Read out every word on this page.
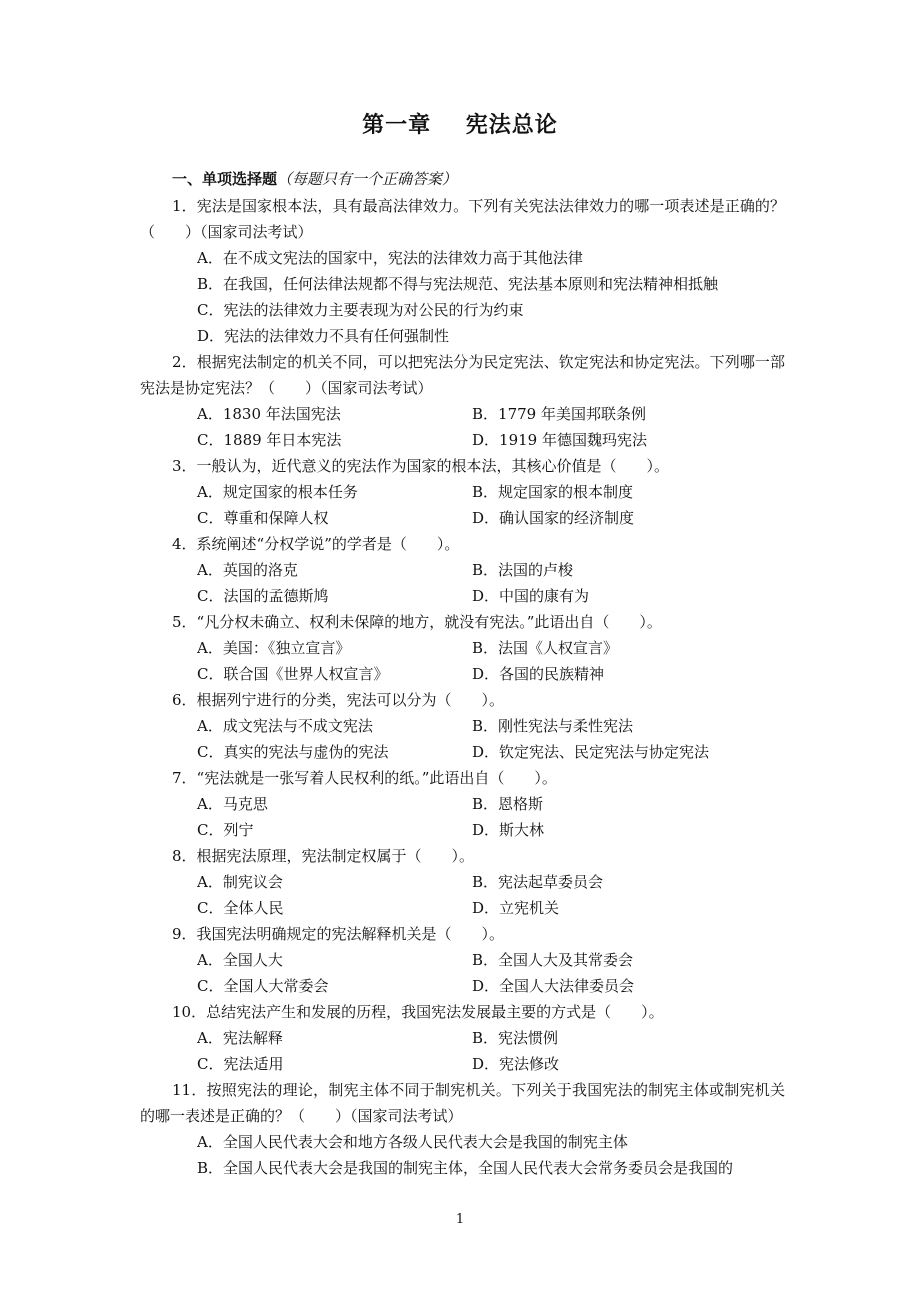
第一章    宪法总论
一、单项选择题（每题只有一个正确答案）

1．宪法是国家根本法，具有最高法律效力。下列有关宪法法律效力的哪一项表述是正确的？（　　）（国家司法考试）

A．在不成文宪法的国家中，宪法的法律效力高于其他法律
B．在我国，任何法律法规都不得与宪法规范、宪法基本原则和宪法精神相抵触
C．宪法的法律效力主要表现为对公民的行为约束
D．宪法的法律效力不具有任何强制性

2．根据宪法制定的机关不同，可以把宪法分为民定宪法、钦定宪法和协定宪法。下列哪一部宪法是协定宪法？（　　）（国家司法考试）

A．1830 年法国宪法	B．1779 年美国邦联条例
C．1889 年日本宪法	D．1919 年德国魏玛宪法

3．一般认为，近代意义的宪法作为国家的根本法，其核心价值是（　　）。

A．规定国家的根本任务	B．规定国家的根本制度
C．尊重和保障人权	D．确认国家的经济制度

4．系统阐述“分权学说”的学者是（　　）。

A．英国的洛克	B．法国的卢梭
C．法国的孟德斯鸠	D．中国的康有为

5．“凡分权未确立、权利未保障的地方，就没有宪法。”此语出自（　　）。

A．美国：《独立宣言》	B．法国《人权宣言》
C．联合国《世界人权宣言》	D．各国的民族精神

6．根据列宁进行的分类，宪法可以分为（　　）。

A．成文宪法与不成文宪法	B．刚性宪法与柔性宪法
C．真实的宪法与虚伪的宪法	D．钦定宪法、民定宪法与协定宪法

7．“宪法就是一张写着人民权利的纸。”此语出自（　　）。

A．马克思	B．恩格斯
C．列宁	D．斯大林

8．根据宪法原理，宪法制定权属于（　　）。

A．制宪议会	B．宪法起草委员会
C．全体人民	D．立宪机关

9．我国宪法明确规定的宪法解释机关是（　　）。

A．全国人大	B．全国人大及其常委会
C．全国人大常委会	D．全国人大法律委员会

10．总结宪法产生和发展的历程，我国宪法发展最主要的方式是（　　）。

A．宪法解释	B．宪法惯例
C．宪法适用	D．宪法修改

11．按照宪法的理论，制宪主体不同于制宪机关。下列关于我国宪法的制宪主体或制宪机关的哪一表述是正确的？（　　）（国家司法考试）

A．全国人民代表大会和地方各级人民代表大会是我国的制宪主体
B．全国人民代表大会是我国的制宪主体，全国人民代表大会常务委员会是我国的
1
